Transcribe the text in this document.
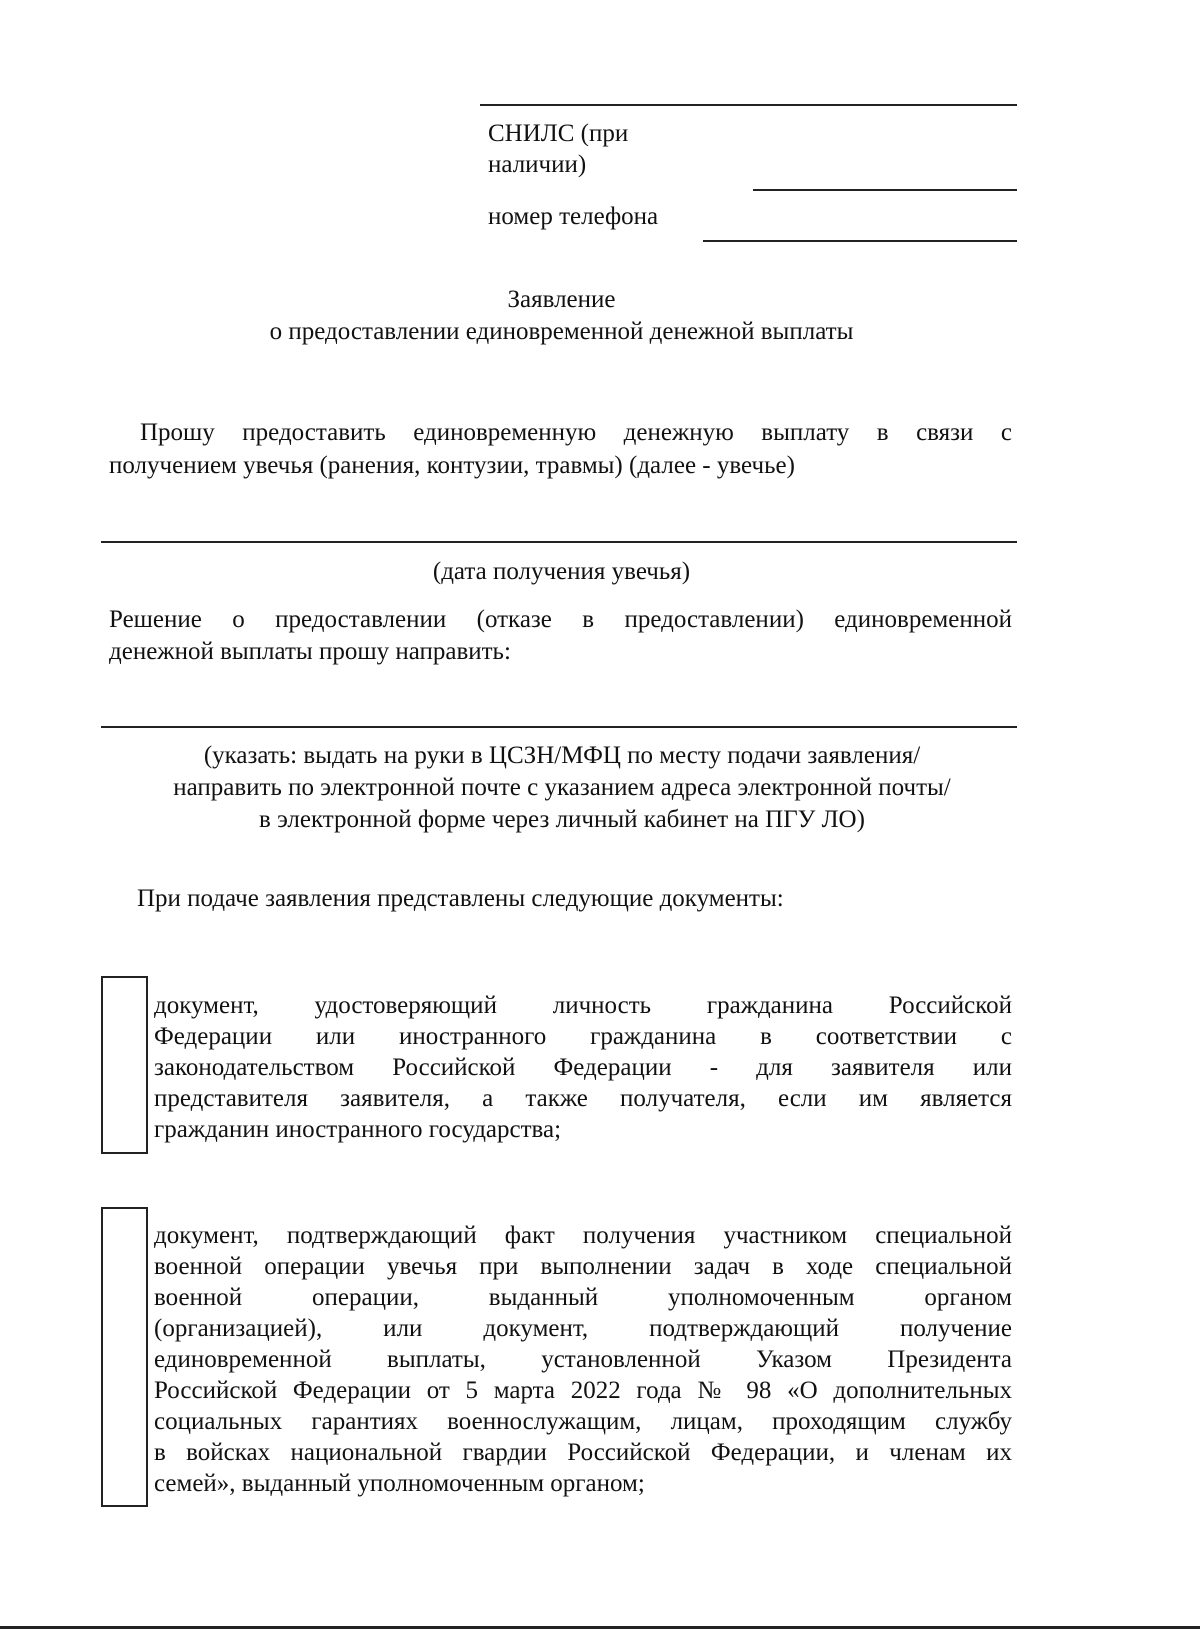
СНИЛС (при
наличии)
номер телефона
Заявление
о предоставлении единовременной денежной выплаты
Прошу предоставить единовременную денежную выплату в связи с
получением увечья (ранения, контузии, травмы) (далее - увечье)
(дата получения увечья)
Решение о предоставлении (отказе в предоставлении) единовременной
денежной выплаты прошу направить:
(указать: выдать на руки в ЦСЗН/МФЦ по месту подачи заявления/
направить по электронной почте с указанием адреса электронной почты/
в электронной форме через личный кабинет на ПГУ ЛО)
При подаче заявления представлены следующие документы:
документ, удостоверяющий личность гражданина Российской
Федерации или иностранного гражданина в соответствии с
законодательством Российской Федерации - для заявителя или
представителя заявителя, а также получателя, если им является
гражданин иностранного государства;
документ, подтверждающий факт получения участником специальной
военной операции увечья при выполнении задач в ходе специальной
военной операции, выданный уполномоченным органом
(организацией), или документ, подтверждающий получение
единовременной выплаты, установленной Указом Президента
Российской Федерации от 5 марта 2022 года № 98 «О дополнительных
социальных гарантиях военнослужащим, лицам, проходящим службу
в войсках национальной гвардии Российской Федерации, и членам их
семей», выданный уполномоченным органом;
